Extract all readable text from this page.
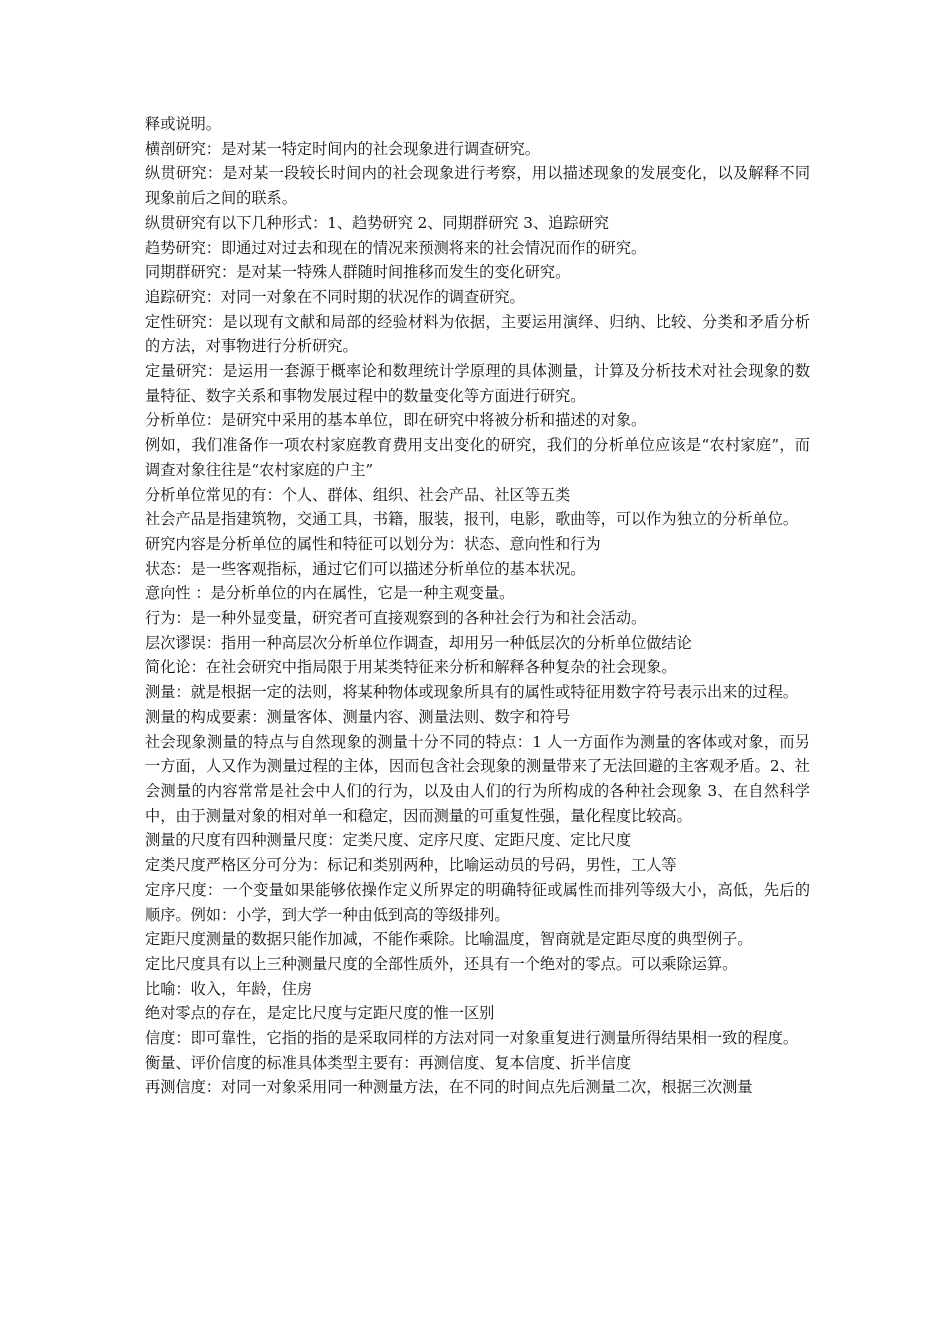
释或说明。

横剖研究：是对某一特定时间内的社会现象进行调查研究。

纵贯研究：是对某一段较长时间内的社会现象进行考察，用以描述现象的发展变化，以及解释不同现象前后之间的联系。

纵贯研究有以下几种形式：1、趋势研究 2、同期群研究 3、追踪研究

趋势研究：即通过对过去和现在的情况来预测将来的社会情况而作的研究。

同期群研究：是对某一特殊人群随时间推移而发生的变化研究。

追踪研究：对同一对象在不同时期的状况作的调查研究。

定性研究：是以现有文献和局部的经验材料为依据，主要运用演绎、归纳、比较、分类和矛盾分析的方法，对事物进行分析研究。

定量研究：是运用一套源于概率论和数理统计学原理的具体测量，计算及分析技术对社会现象的数量特征、数字关系和事物发展过程中的数量变化等方面进行研究。

分析单位：是研究中采用的基本单位，即在研究中将被分析和描述的对象。

例如，我们准备作一项农村家庭教育费用支出变化的研究，我们的分析单位应该是“农村家庭”，而调查对象往往是“农村家庭的户主”

分析单位常见的有：个人、群体、组织、社会产品、社区等五类

社会产品是指建筑物，交通工具，书籍，服装，报刊，电影，歌曲等，可以作为独立的分析单位。

研究内容是分析单位的属性和特征可以划分为：状态、意向性和行为

状态：是一些客观指标，通过它们可以描述分析单位的基本状况。

意向性 ：是分析单位的内在属性，它是一种主观变量。

行为：是一种外显变量，研究者可直接观察到的各种社会行为和社会活动。

层次谬误：指用一种高层次分析单位作调查，却用另一种低层次的分析单位做结论

简化论：在社会研究中指局限于用某类特征来分析和解释各种复杂的社会现象。

测量：就是根据一定的法则，将某种物体或现象所具有的属性或特征用数字符号表示出来的过程。

测量的构成要素：测量客体、测量内容、测量法则、数字和符号

社会现象测量的特点与自然现象的测量十分不同的特点：1 人一方面作为测量的客体或对象，而另一方面，人又作为测量过程的主体，因而包含社会现象的测量带来了无法回避的主客观矛盾。2、社会测量的内容常常是社会中人们的行为，以及由人们的行为所构成的各种社会现象 3、在自然科学中，由于测量对象的相对单一和稳定，因而测量的可重复性强，量化程度比较高。

测量的尺度有四种测量尺度：定类尺度、定序尺度、定距尺度、定比尺度

定类尺度严格区分可分为：标记和类别两种，比喻运动员的号码，男性，工人等

定序尺度：一个变量如果能够依操作定义所界定的明确特征或属性而排列等级大小，高低，先后的顺序。例如：小学，到大学一种由低到高的等级排列。

定距尺度测量的数据只能作加减，不能作乘除。比喻温度，智商就是定距尽度的典型例子。

定比尺度具有以上三种测量尺度的全部性质外，还具有一个绝对的零点。可以乘除运算。

比喻：收入，年龄，住房

绝对零点的存在，是定比尺度与定距尺度的惟一区别

信度：即可靠性，它指的指的是采取同样的方法对同一对象重复进行测量所得结果相一致的程度。

衡量、评价信度的标准具体类型主要有：再测信度、复本信度、折半信度

再测信度：对同一对象采用同一种测量方法，在不同的时间点先后测量二次，根据三次测量
